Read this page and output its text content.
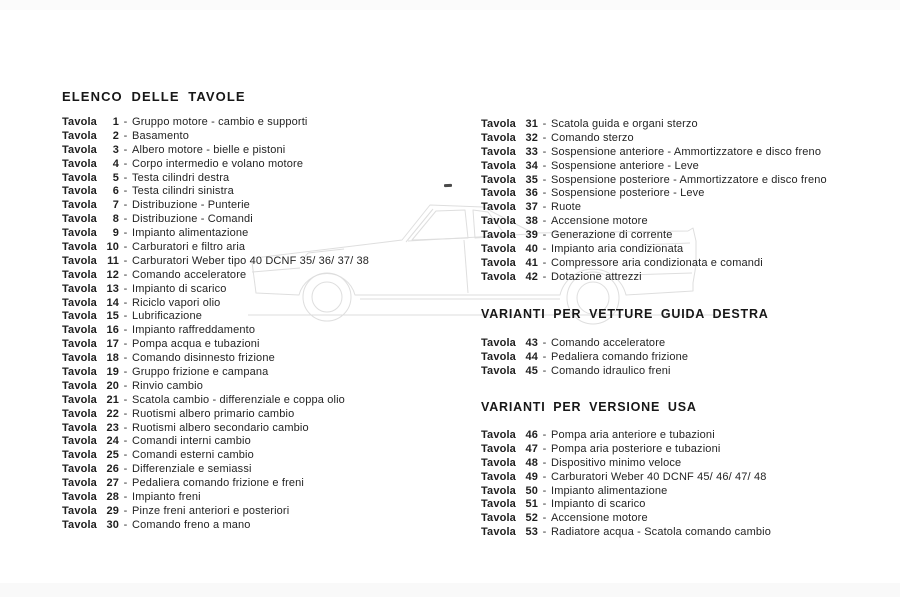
ELENCO DELLE TAVOLE
Tavola	1 - Gruppo motore - cambio e supporti
Tavola	2 - Basamento
Tavola	3 - Albero motore - bielle e pistoni
Tavola	4 - Corpo intermedio e volano motore
Tavola	5 - Testa cilindri destra
Tavola	6 - Testa cilindri sinistra
Tavola	7 - Distribuzione - Punterie
Tavola	8 - Distribuzione - Comandi
Tavola	9 - Impianto alimentazione
Tavola 10 - Carburatori e filtro aria
Tavola 11 - Carburatori Weber tipo 40 DCNF 35/ 36/ 37/ 38
Tavola 12 - Comando acceleratore
Tavola 13 - Impianto di scarico
Tavola 14 - Riciclo vapori olio
Tavola 15 - Lubrificazione
Tavola 16 - Impianto raffreddamento
Tavola 17 - Pompa acqua e tubazioni
Tavola 18 - Comando disinnesto frizione
Tavola 19 - Gruppo frizione e campana
Tavola 20 - Rinvio cambio
Tavola 21 - Scatola cambio - differenziale e coppa olio
Tavola 22 - Ruotismi albero primario cambio
Tavola 23 - Ruotismi albero secondario cambio
Tavola 24 - Comandi interni cambio
Tavola 25 - Comandi esterni cambio
Tavola 26 - Differenziale e semiassi
Tavola 27 - Pedaliera comando frizione e freni
Tavola 28 - Impianto freni
Tavola 29 - Pinze freni anteriori e posteriori
Tavola 30 - Comando freno a mano
Tavola 31 - Scatola guida e organi sterzo
Tavola 32 - Comando sterzo
Tavola 33 - Sospensione anteriore - Ammortizzatore e disco freno
Tavola 34 - Sospensione anteriore - Leve
Tavola 35 - Sospensione posteriore - Ammortizzatore e disco freno
Tavola 36 - Sospensione posteriore - Leve
Tavola 37 - Ruote
Tavola 38 - Accensione motore
Tavola 39 - Generazione di corrente
Tavola 40 - Impianto aria condizionata
Tavola 41 - Compressore aria condizionata e comandi
Tavola 42 - Dotazione attrezzi
VARIANTI PER VETTURE GUIDA DESTRA
Tavola 43 - Comando acceleratore
Tavola 44 - Pedaliera comando frizione
Tavola 45 - Comando idraulico freni
VARIANTI PER VERSIONE USA
Tavola 46 - Pompa aria anteriore e tubazioni
Tavola 47 - Pompa aria posteriore e tubazioni
Tavola 48 - Dispositivo minimo veloce
Tavola 49 - Carburatori Weber 40 DCNF 45/ 46/ 47/ 48
Tavola 50 - Impianto alimentazione
Tavola 51 - Impianto di scarico
Tavola 52 - Accensione motore
Tavola 53 - Radiatore acqua - Scatola comando cambio
